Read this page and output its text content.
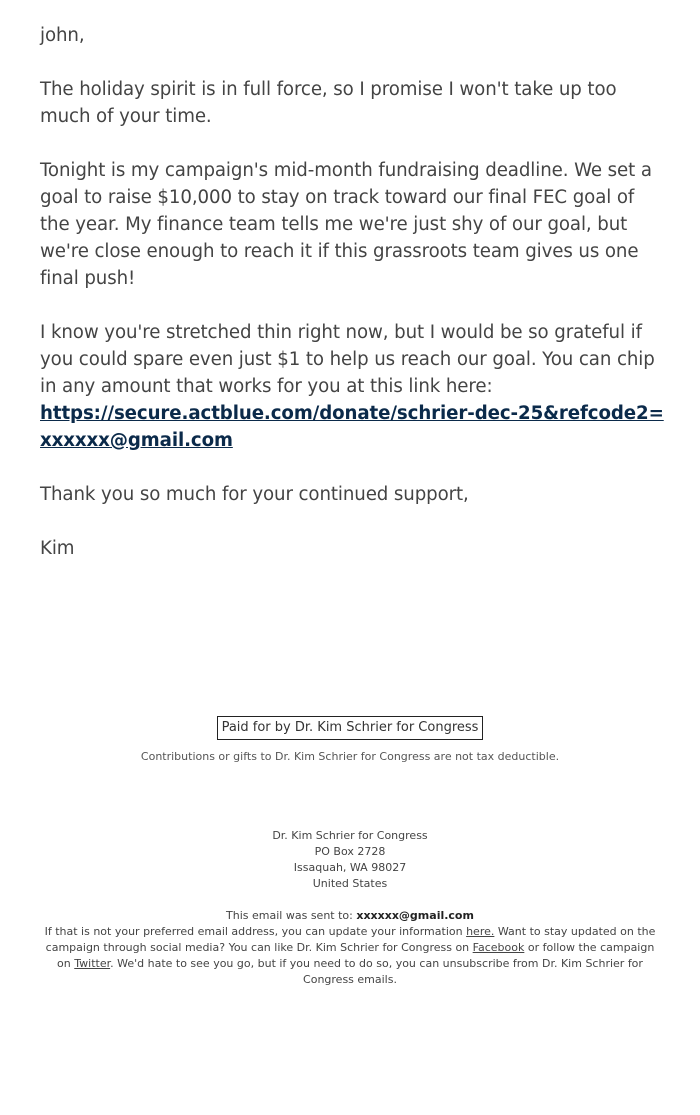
john,

The holiday spirit is in full force, so I promise I won't take up too much of your time.

Tonight is my campaign's mid-month fundraising deadline. We set a goal to raise $10,000 to stay on track toward our final FEC goal of the year. My finance team tells me we're just shy of our goal, but we're close enough to reach it if this grassroots team gives us one final push!

I know you're stretched thin right now, but I would be so grateful if you could spare even just $1 to help us reach our goal. You can chip in any amount that works for you at this link here:
https://secure.actblue.com/donate/schrier-dec-25&refcode2=xxxxxx@gmail.com

Thank you so much for your continued support,

Kim

Paid for by Dr. Kim Schrier for Congress
Contributions or gifts to Dr. Kim Schrier for Congress are not tax deductible.
Dr. Kim Schrier for Congress
PO Box 2728
Issaquah, WA 98027
United States
This email was sent to: xxxxxx@gmail.com
If that is not your preferred email address, you can update your information here. Want to stay updated on the campaign through social media? You can like Dr. Kim Schrier for Congress on Facebook or follow the campaign on Twitter. We'd hate to see you go, but if you need to do so, you can unsubscribe from Dr. Kim Schrier for Congress emails.
